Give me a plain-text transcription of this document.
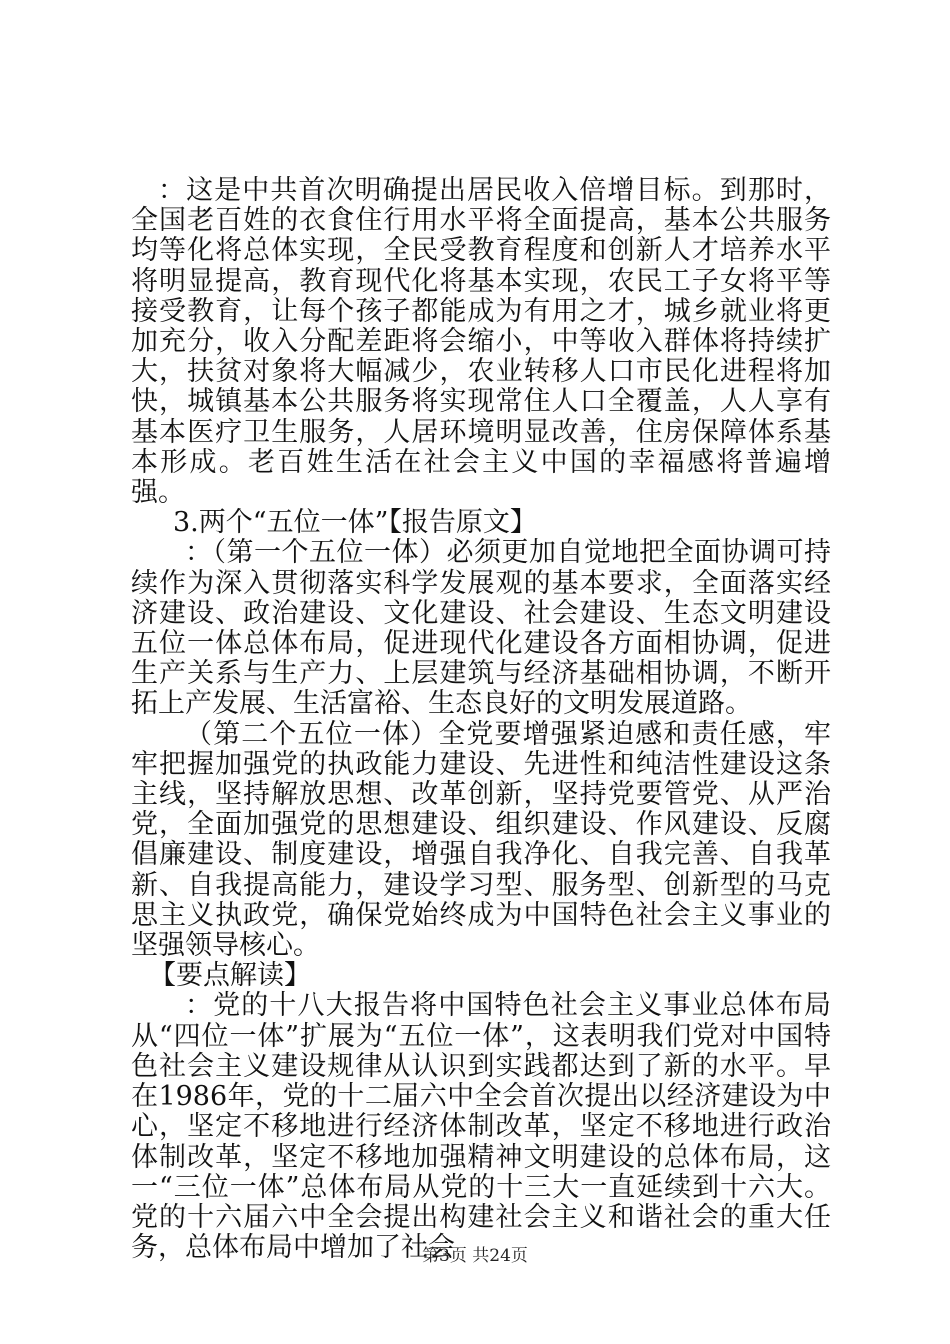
：这是中共首次明确提出居民收入倍增目标。到那时，全国老百姓的衣食住行用水平将全面提高，基本公共服务均等化将总体实现，全民受教育程度和创新人才培养水平将明显提高，教育现代化将基本实现，农民工子女将平等接受教育，让每个孩子都能成为有用之才，城乡就业将更加充分，收入分配差距将会缩小，中等收入群体将持续扩大，扶贫对象将大幅减少，农业转移人口市民化进程将加快，城镇基本公共服务将实现常住人口全覆盖，人人享有基本医疗卫生服务，人居环境明显改善，住房保障体系基本形成。老百姓生活在社会主义中国的幸福感将普遍增强。

3.两个“五位一体”【报告原文】

：（第一个五位一体）必须更加自觉地把全面协调可持续作为深入贯彻落实科学发展观的基本要求，全面落实经济建设、政治建设、文化建设、社会建设、生态文明建设五位一体总体布局，促进现代化建设各方面相协调，促进生产关系与生产力、上层建筑与经济基础相协调，不断开拓上产发展、生活富裕、生态良好的文明发展道路。

（第二个五位一体）全党要增强紧迫感和责任感，牢牢把握加强党的执政能力建设、先进性和纯洁性建设这条主线，坚持解放思想、改革创新，坚持党要管党、从严治党，全面加强党的思想建设、组织建设、作风建设、反腐倡廉建设、制度建设，增强自我净化、自我完善、自我革新、自我提高能力，建设学习型、服务型、创新型的马克思主义执政党，确保党始终成为中国特色社会主义事业的坚强领导核心。

【要点解读】

：党的十八大报告将中国特色社会主义事业总体布局从“四位一体”扩展为“五位一体”，这表明我们党对中国特色社会主义建设规律从认识到实践都达到了新的水平。早在1986年，党的十二届六中全会首次提出以经济建设为中心，坚定不移地进行经济体制改革，坚定不移地进行政治体制改革，坚定不移地加强精神文明建设的总体布局，这一“三位一体”总体布局从党的十三大一直延续到十六大。党的十六届六中全会提出构建社会主义和谐社会的重大任务，总体布局中增加了社会

第3页 共24页
